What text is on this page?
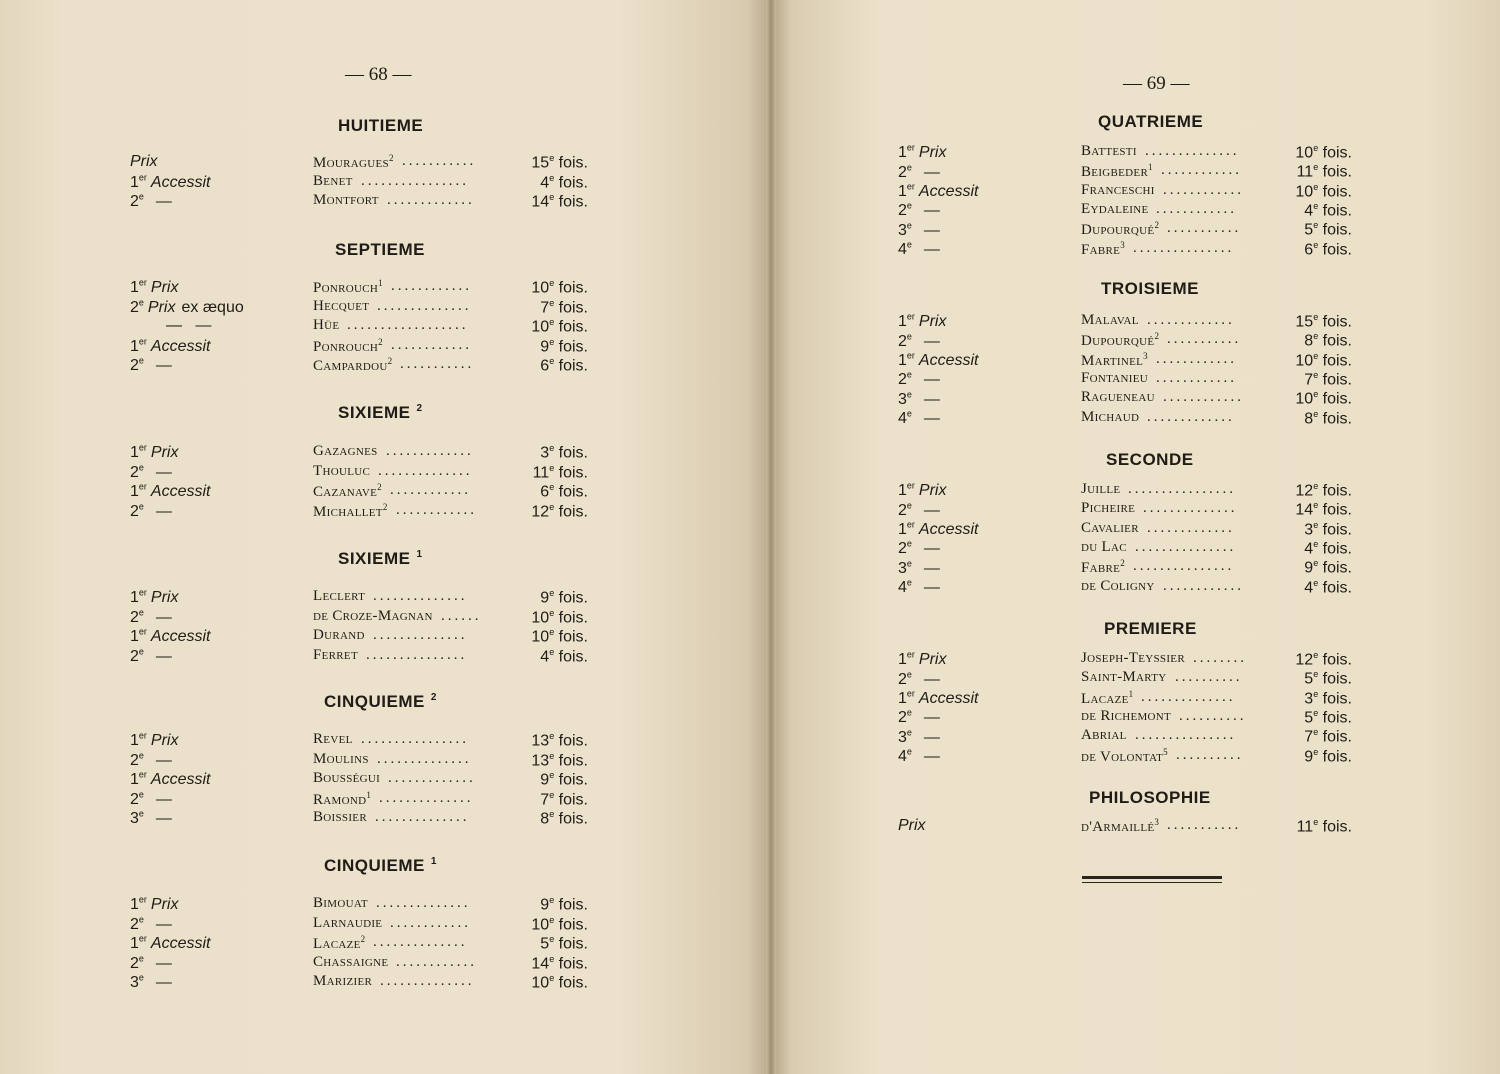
— 68 —
HUITIEME
Prix	Mouragues$^2$ ...........	15e fois.
1er Accessit	Benet ................	4e fois.
2e —	Montfort .............	14e fois.
SEPTIEME
1er Prix	Ponrouch$^1$ ............	10e fois.
2e Prix ex æquo	Hecquet ..............	7e fois.
—   —	Hüe ..................	10e fois.
1er Accessit	Ponrouch$^2$ ............	9e fois.
2e —	Campardou$^2$ ...........	6e fois.
SIXIEME $^2$
1er Prix	Gazagnes .............	3e fois.
2e —	Thouluc ..............	11e fois.
1er Accessit	Cazanave$^2$ ............	6e fois.
2e —	Michallet$^2$ ............	12e fois.
SIXIEME $^1$
1er Prix	Leclert ..............	9e fois.
2e —	de Croze-Magnan ......	10e fois.
1er Accessit	Durand ..............	10e fois.
2e —	Ferret ...............	4e fois.
CINQUIEME $^2$
1er Prix	Revel ................	13e fois.
2e —	Moulins ..............	13e fois.
1er Accessit	Bousségui .............	9e fois.
2e —	Ramond$^1$ ..............	7e fois.
3e —	Boissier ..............	8e fois.
CINQUIEME $^1$
1er Prix	Bimouat ..............	9e fois.
2e —	Larnaudie ............	10e fois.
1er Accessit	Lacaze$^2$ ..............	5e fois.
2e —	Chassaigne ............	14e fois.
3e —	Marizier ..............	10e fois.
— 69 —
QUATRIEME
1er Prix	Battesti ..............	10e fois.
2e —	Beigbeder$^1$ ............	11e fois.
1er Accessit	Franceschi ............	10e fois.
2e —	Eydaleine ............	4e fois.
3e —	Dupourqué$^2$ ...........	5e fois.
4e —	Fabre$^3$ ...............	6e fois.
TROISIEME
1er Prix	Malaval .............	15e fois.
2e —	Dupourqué$^2$ ...........	8e fois.
1er Accessit	Martinel$^3$ ............	10e fois.
2e —	Fontanieu ............	7e fois.
3e —	Ragueneau ............	10e fois.
4e —	Michaud .............	8e fois.
SECONDE
1er Prix	Juille ................	12e fois.
2e —	Picheire ..............	14e fois.
1er Accessit	Cavalier .............	3e fois.
2e —	du Lac ...............	4e fois.
3e —	Fabre$^2$ ...............	9e fois.
4e —	de Coligny ............	4e fois.
PREMIERE
1er Prix	Joseph-Teyssier ........	12e fois.
2e —	Saint-Marty ..........	5e fois.
1er Accessit	Lacaze$^1$ ..............	3e fois.
2e —	de Richemont ..........	5e fois.
3e —	Abrial ...............	7e fois.
4e —	de Volontat$^5$ ..........	9e fois.
PHILOSOPHIE
Prix	d'Armaillé$^3$ ...........	11e fois.
